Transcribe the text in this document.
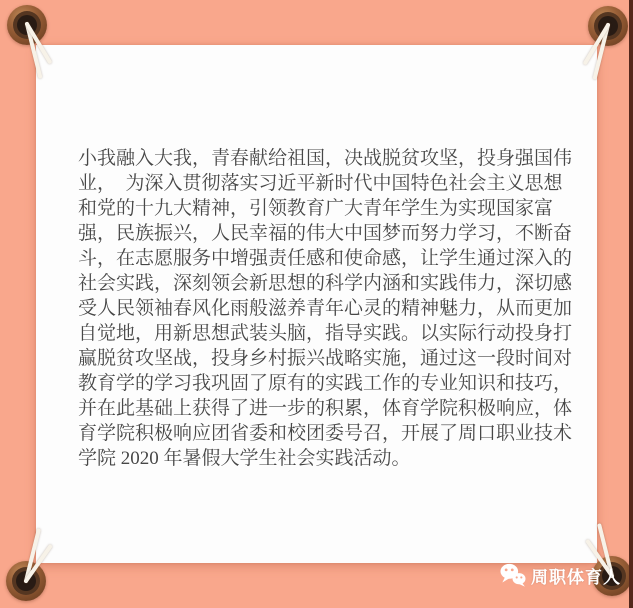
小我融入大我，青春献给祖国，决战脱贫攻坚，投身强国伟业，　为深入贯彻落实习近平新时代中国特色社会主义思想和党的十九大精神，引领教育广大青年学生为实现国家富强，民族振兴，人民幸福的伟大中国梦而努力学习，不断奋斗，在志愿服务中增强责任感和使命感，让学生通过深入的社会实践，深刻领会新思想的科学内涵和实践伟力，深切感受人民领袖春风化雨般滋养青年心灵的精神魅力，从而更加自觉地，用新思想武装头脑，指导实践。以实际行动投身打赢脱贫攻坚战，投身乡村振兴战略实施，通过这一段时间对教育学的学习我巩固了原有的实践工作的专业知识和技巧，并在此基础上获得了进一步的积累，体育学院积极响应，体育学院积极响应团省委和校团委号召，开展了周口职业技术学院 2020 年暑假大学生社会实践活动。

周职体育人
